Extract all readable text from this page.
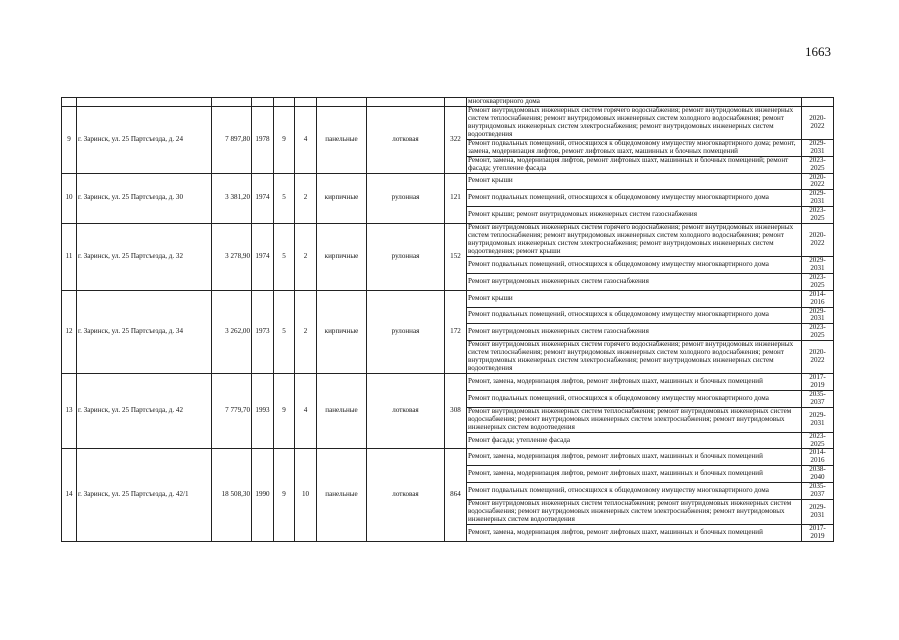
1663
									многоквартирного дома	
9	г. Заринск, ул. 25 Партсъезда, д. 24	7 897,80	1978	9	4	панельные	лотковая	322	Ремонт внутридомовых инженерных систем горячего водоснабжения; ремонт внутридомовых инженерных систем теплоснабжения; ремонт внутридомовых инженерных систем холодного водоснабжения; ремонт внутридомовых инженерных систем электроснабжения; ремонт внутридомовых инженерных систем водоотведения	2020-2022
									Ремонт подвальных помещений, относящихся к общедомовому имуществу многоквартирного дома; ремонт, замена, модернизация лифтов, ремонт лифтовых шахт, машинных и блочных помещений	2029-2031
									Ремонт, замена, модернизация лифтов, ремонт лифтовых шахт, машинных и блочных помещений; ремонт фасада; утепление фасада	2023-2025
10	г. Заринск, ул. 25 Партсъезда, д. 30	3 381,20	1974	5	2	кирпичные	рулонная	121	Ремонт крыши	2020-2022
									Ремонт подвальных помещений, относящихся к общедомовому имуществу многоквартирного дома	2029-2031
									Ремонт крыши; ремонт внутридомовых инженерных систем газоснабжения	2023-2025
11	г. Заринск, ул. 25 Партсъезда, д. 32	3 278,90	1974	5	2	кирпичные	рулонная	152	Ремонт внутридомовых инженерных систем горячего водоснабжения; ремонт внутридомовых инженерных систем теплоснабжения; ремонт внутридомовых инженерных систем холодного водоснабжения; ремонт внутридомовых инженерных систем электроснабжения; ремонт внутридомовых инженерных систем водоотведения; ремонт крыши	2020-2022
									Ремонт подвальных помещений, относящихся к общедомовому имуществу многоквартирного дома	2029-2031
									Ремонт внутридомовых инженерных систем газоснабжения	2023-2025
12	г. Заринск, ул. 25 Партсъезда, д. 34	3 262,00	1973	5	2	кирпичные	рулонная	172	Ремонт крыши	2014-2016
									Ремонт подвальных помещений, относящихся к общедомовому имуществу многоквартирного дома	2029-2031
									Ремонт внутридомовых инженерных систем газоснабжения	2023-2025
									Ремонт внутридомовых инженерных систем горячего водоснабжения; ремонт внутридомовых инженерных систем теплоснабжения; ремонт внутридомовых инженерных систем холодного водоснабжения; ремонт внутридомовых инженерных систем электроснабжения; ремонт внутридомовых инженерных систем водоотведения	2020-2022
13	г. Заринск, ул. 25 Партсъезда, д. 42	7 779,70	1993	9	4	панельные	лотковая	308	Ремонт, замена, модернизация лифтов, ремонт лифтовых шахт, машинных и блочных помещений	2017-2019
									Ремонт подвальных помещений, относящихся к общедомовому имуществу многоквартирного дома	2035-2037
									Ремонт внутридомовых инженерных систем теплоснабжения; ремонт внутридомовых инженерных систем водоснабжения; ремонт внутридомовых инженерных систем электроснабжения; ремонт внутридомовых инженерных систем водоотведения	2029-2031
									Ремонт фасада; утепление фасада	2023-2025
14	г. Заринск, ул. 25 Партсъезда, д. 42/1	18 508,30	1990	9	10	панельные	лотковая	864	Ремонт, замена, модернизация лифтов, ремонт лифтовых шахт, машинных и блочных помещений	2014-2016
									Ремонт, замена, модернизация лифтов, ремонт лифтовых шахт, машинных и блочных помещений	2038-2040
									Ремонт подвальных помещений, относящихся к общедомовому имуществу многоквартирного дома	2035-2037
									Ремонт внутридомовых инженерных систем теплоснабжения; ремонт внутридомовых инженерных систем водоснабжения; ремонт внутридомовых инженерных систем электроснабжения; ремонт внутридомовых инженерных систем водоотведения	2029-2031
									Ремонт, замена, модернизация лифтов, ремонт лифтовых шахт, машинных и блочных помещений	2017-2019
